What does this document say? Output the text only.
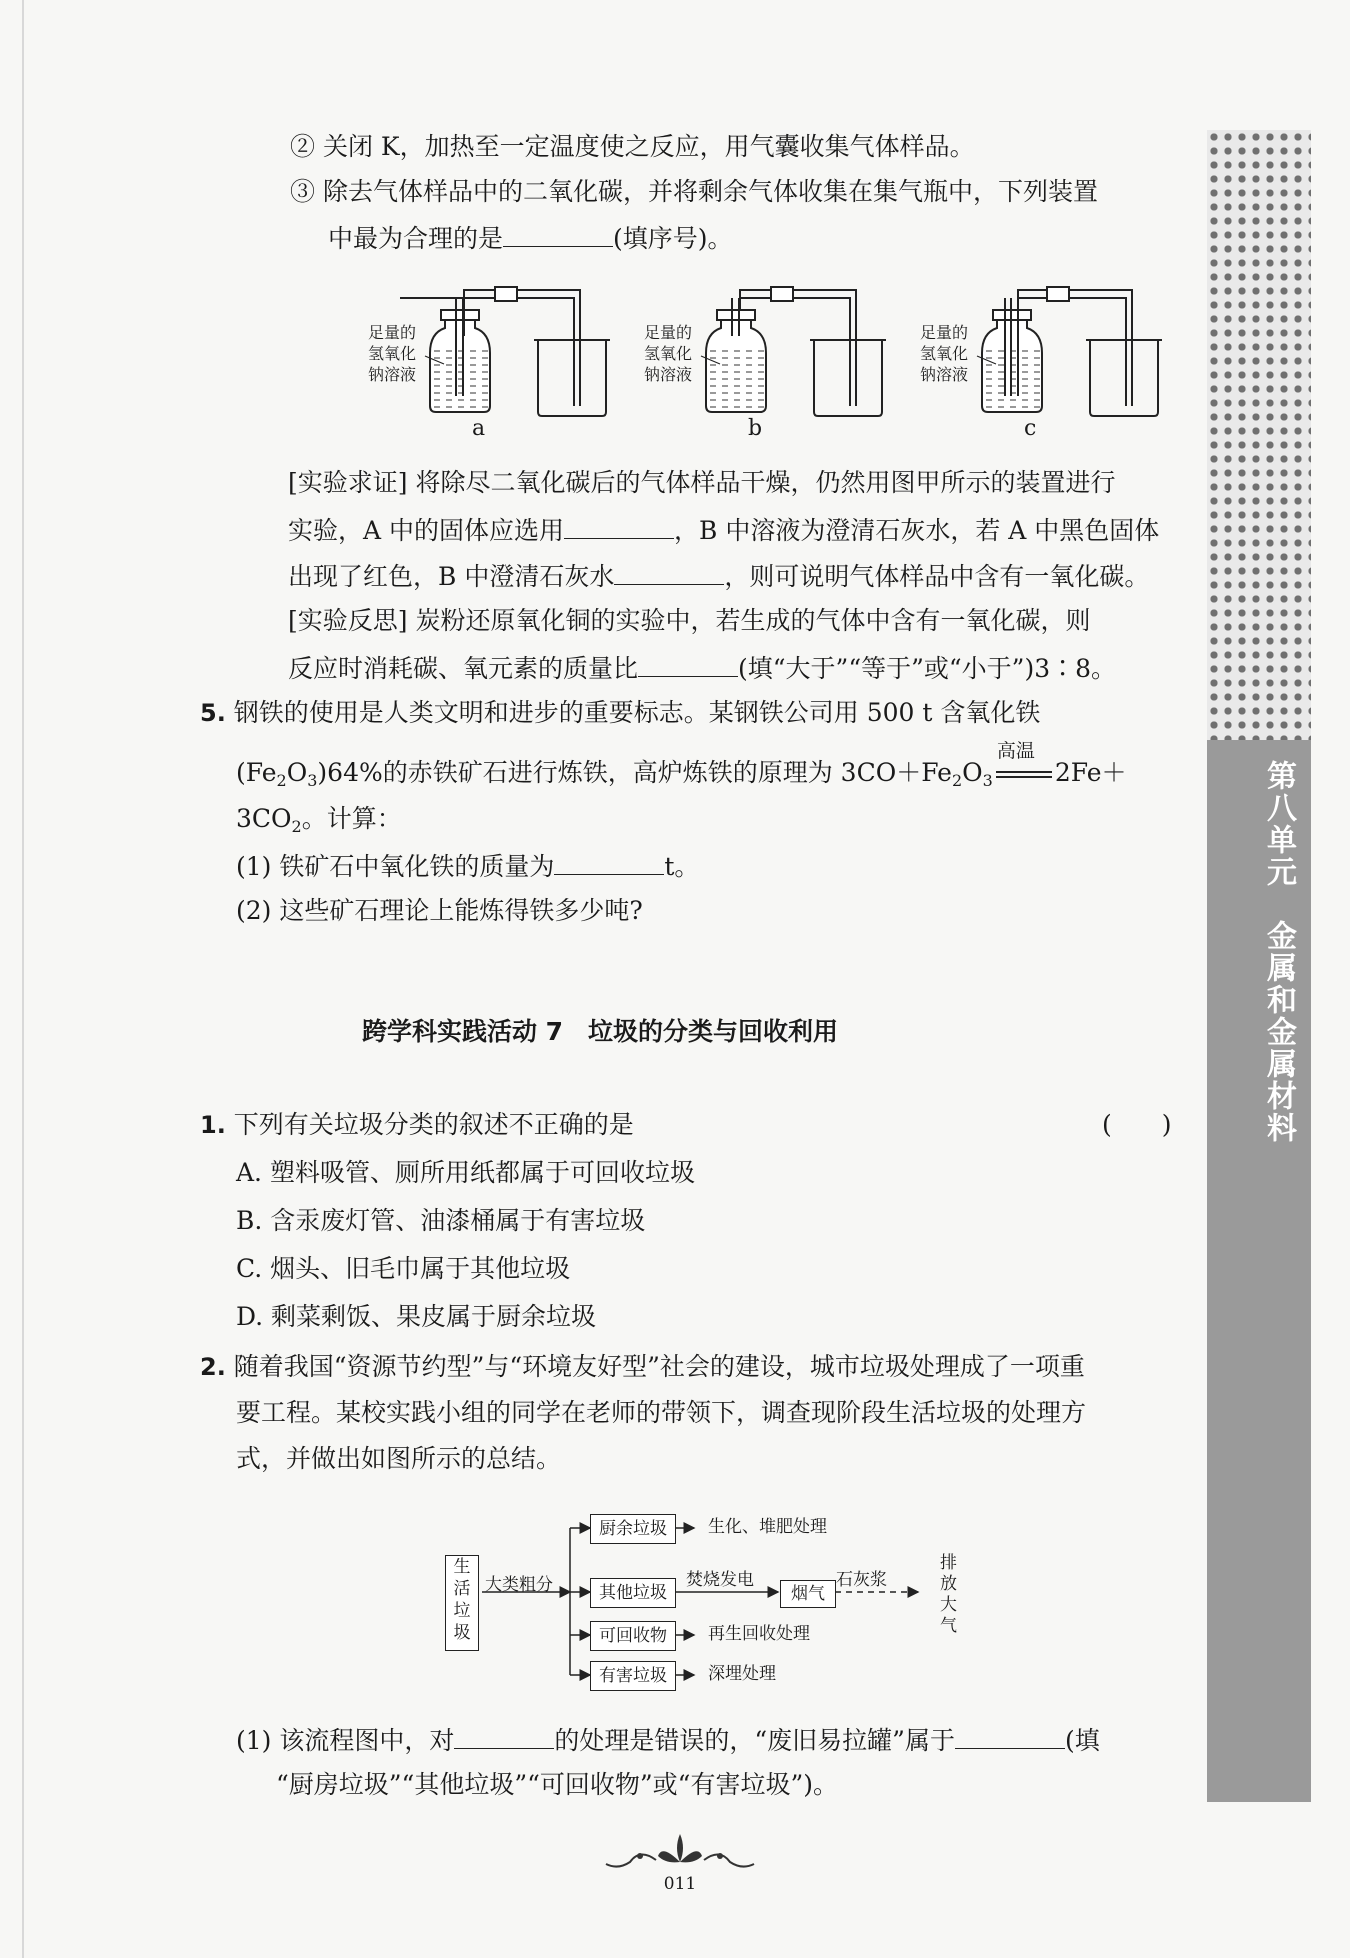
第八单元　金属和金属材料
② 关闭 K，加热至一定温度使之反应，用气囊收集气体样品。
③ 除去气体样品中的二氧化碳，并将剩余气体收集在集气瓶中，下列装置
中最为合理的是	(填序号)。
足量的
氢氧化
钠溶液
足量的
氢氧化
钠溶液
足量的
氢氧化
钠溶液
a	b	c
[实验求证] 将除尽二氧化碳后的气体样品干燥，仍然用图甲所示的装置进行
实验，A 中的固体应选用	，B 中溶液为澄清石灰水，若 A 中黑色固体
出现了红色，B 中澄清石灰水	，则可说明气体样品中含有一氧化碳。
[实验反思] 炭粉还原氧化铜的实验中，若生成的气体中含有一氧化碳，则
反应时消耗碳、氧元素的质量比	(填“大于”“等于”或“小于”)3∶8。
5. 钢铁的使用是人类文明和进步的重要标志。某钢铁公司用 500 t 含氧化铁
$(Fe_2O_3)64\%$的赤铁矿石进行炼铁，高炉炼铁的原理为 $3CO+Fe_2O_3$
高温
2Fe＋
$3CO_2$。计算：
(1) 铁矿石中氧化铁的质量为	t。
(2) 这些矿石理论上能炼得铁多少吨?
跨学科实践活动 7　垃圾的分类与回收利用
1. 下列有关垃圾分类的叙述不正确的是	(　　)
A. 塑料吸管、厕所用纸都属于可回收垃圾
B. 含汞废灯管、油漆桶属于有害垃圾
C. 烟头、旧毛巾属于其他垃圾
D. 剩菜剩饭、果皮属于厨余垃圾
2. 随着我国“资源节约型”与“环境友好型”社会的建设，城市垃圾处理成了一项重
要工程。某校实践小组的同学在老师的带领下，调查现阶段生活垃圾的处理方
式，并做出如图所示的总结。
生活垃圾
大类粗分
厨余垃圾	生化、堆肥处理
其他垃圾
焚烧发电
烟气
石灰浆
排放大气
可回收物	再生回收处理
有害垃圾	深埋处理
(1) 该流程图中，对	的处理是错误的，“废旧易拉罐”属于	(填
“厨房垃圾”“其他垃圾”“可回收物”或“有害垃圾”)。
011
